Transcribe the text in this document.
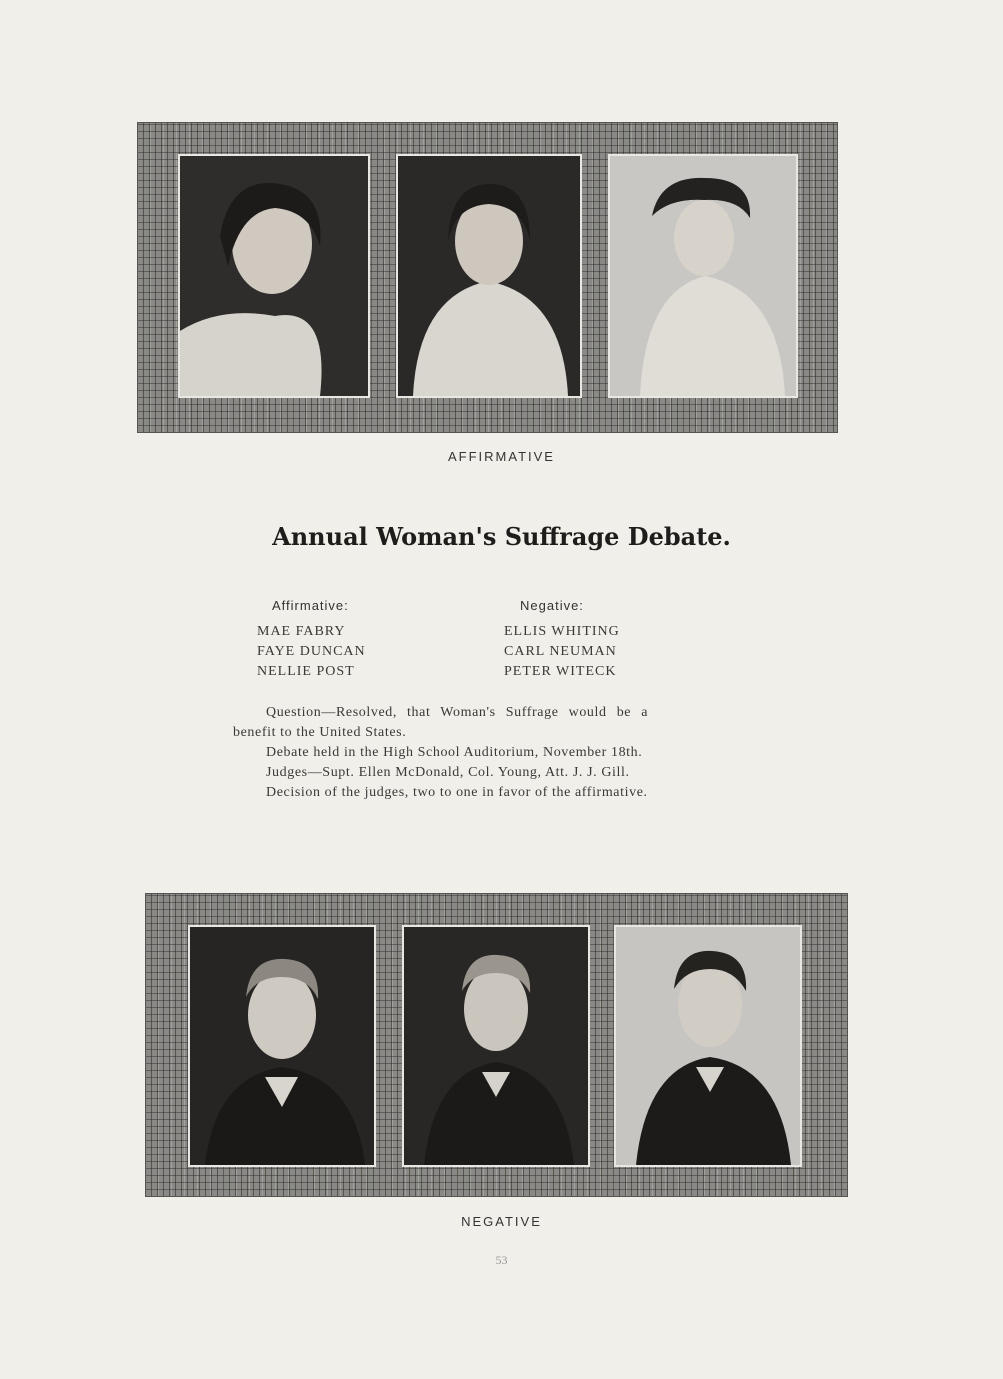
AFFIRMATIVE
Annual Woman's Suffrage Debate.
Affirmative:	Negative:
MAE FABRY
FAYE DUNCAN
NELLIE POST
ELLIS WHITING
CARL NEUMAN
PETER WITECK
Question—Resolved, that Woman's Suffrage would be a
benefit to the United States.
Debate held in the High School Auditorium, November 18th.
Judges—Supt. Ellen McDonald, Col. Young, Att. J. J. Gill.
Decision of the judges, two to one in favor of the affirmative.
NEGATIVE
53
